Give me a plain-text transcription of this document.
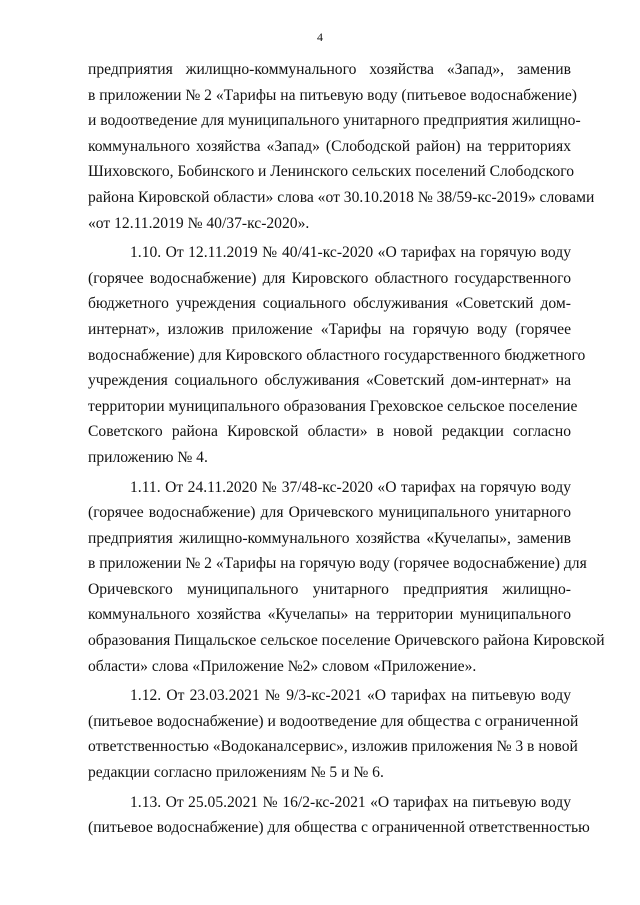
4
предприятия жилищно-коммунального хозяйства «Запад», заменив
в приложении № 2 «Тарифы на питьевую воду (питьевое водоснабжение)
и водоотведение для муниципального унитарного предприятия жилищно-
коммунального хозяйства «Запад» (Слободской район) на территориях
Шиховского, Бобинского и Ленинского сельских поселений Слободского
района Кировской области» слова «от 30.10.2018 № 38/59-кс-2019» словами
«от 12.11.2019 № 40/37-кс-2020».
1.10. От 12.11.2019 № 40/41-кс-2020 «О тарифах на горячую воду
(горячее водоснабжение) для Кировского областного государственного
бюджетного учреждения социального обслуживания «Советский дом-
интернат», изложив приложение «Тарифы на горячую воду (горячее
водоснабжение) для Кировского областного государственного бюджетного
учреждения социального обслуживания «Советский дом-интернат» на
территории муниципального образования Греховское сельское поселение
Советского района Кировской области» в новой редакции согласно
приложению № 4.
1.11. От 24.11.2020 № 37/48-кс-2020 «О тарифах на горячую воду
(горячее водоснабжение) для Оричевского муниципального унитарного
предприятия жилищно-коммунального хозяйства «Кучелапы», заменив
в приложении № 2 «Тарифы на горячую воду (горячее водоснабжение) для
Оричевского муниципального унитарного предприятия жилищно-
коммунального хозяйства «Кучелапы» на территории муниципального
образования Пищальское сельское поселение Оричевского района Кировской
области» слова «Приложение №2» словом «Приложение».
1.12. От 23.03.2021 № 9/3-кс-2021 «О тарифах на питьевую воду
(питьевое водоснабжение) и водоотведение для общества с ограниченной
ответственностью «Водоканалсервис», изложив приложения № 3 в новой
редакции согласно приложениям № 5 и № 6.
1.13. От 25.05.2021 № 16/2-кс-2021 «О тарифах на питьевую воду
(питьевое водоснабжение) для общества с ограниченной ответственностью
